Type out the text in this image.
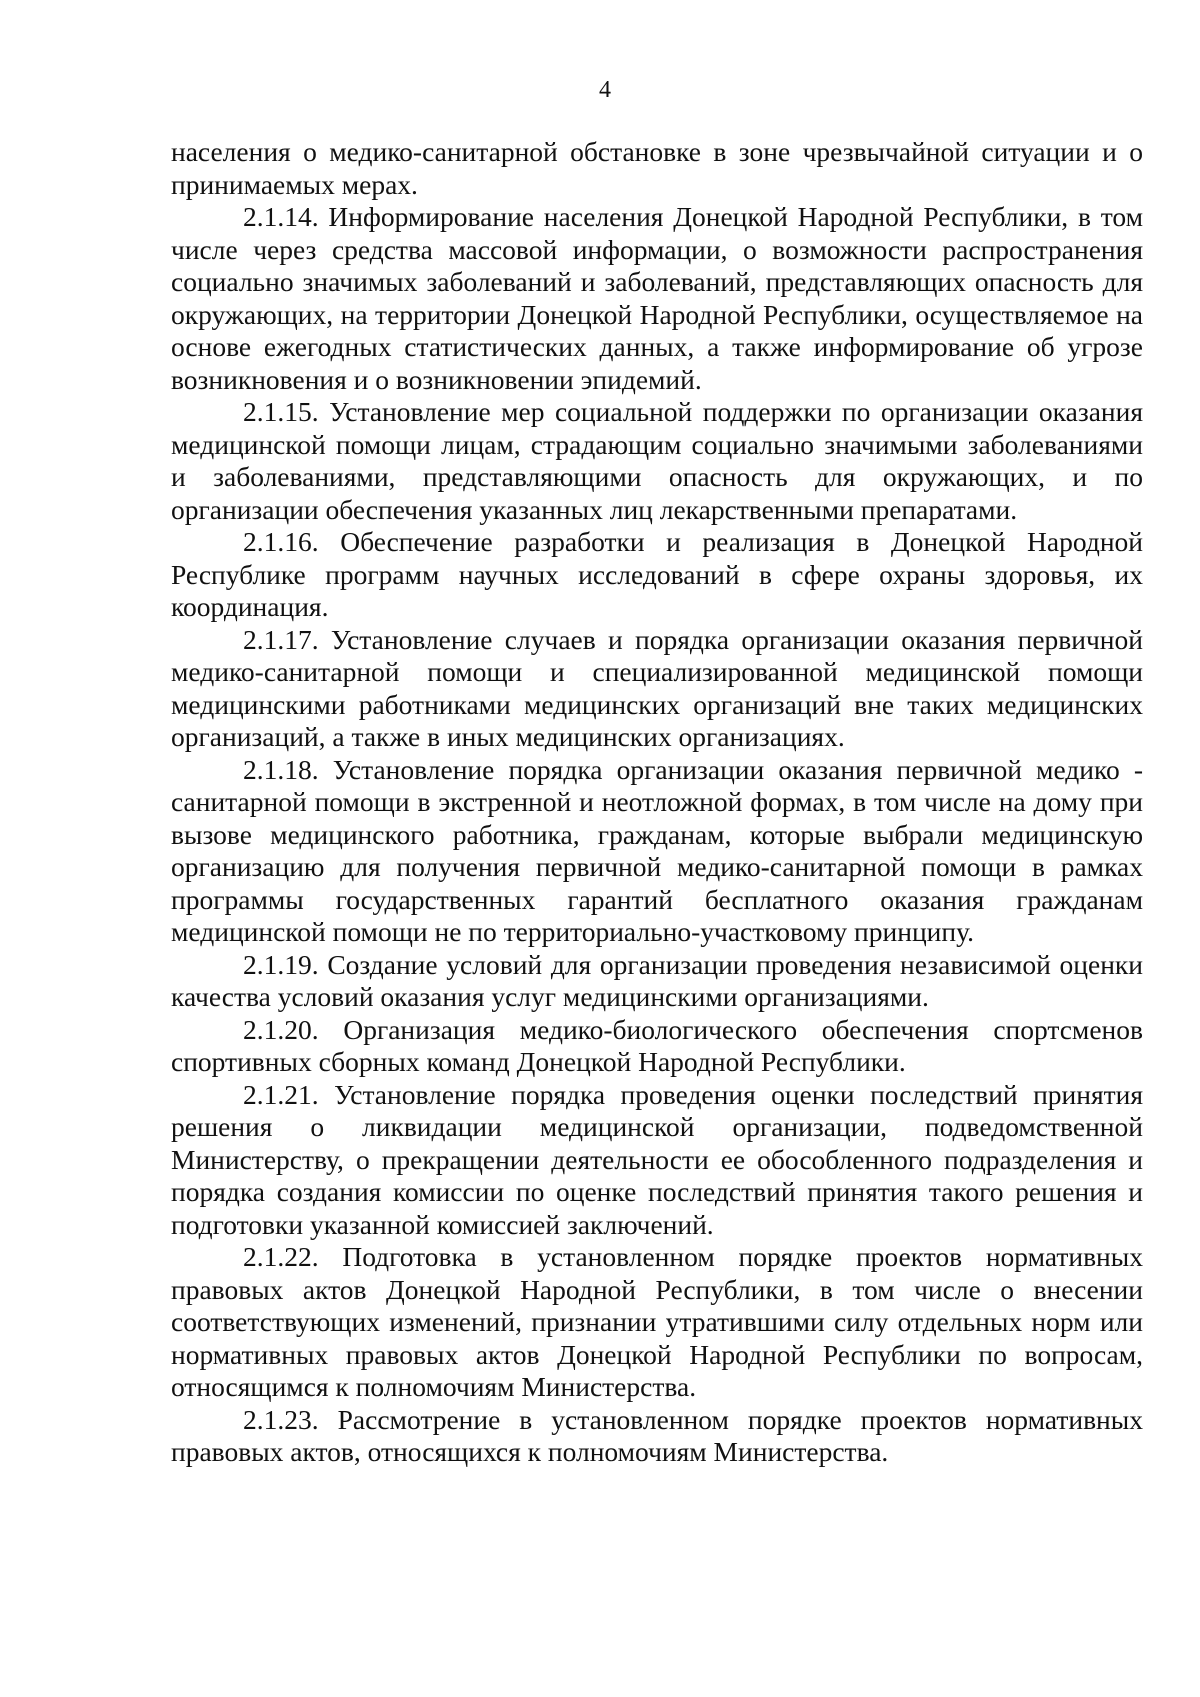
4

населения о медико-санитарной обстановке в зоне чрезвычайной ситуации и о принимаемых мерах.

2.1.14. Информирование населения Донецкой Народной Республики, в том числе через средства массовой информации, о возможности распространения социально значимых заболеваний и заболеваний, представляющих опасность для окружающих, на территории Донецкой Народной Республики, осуществляемое на основе ежегодных статистических данных, а также информирование об угрозе возникновения и о возникновении эпидемий.

2.1.15. Установление мер социальной поддержки по организации оказания медицинской помощи лицам, страдающим социально значимыми заболеваниями и заболеваниями, представляющими опасность для окружающих, и по организации обеспечения указанных лиц лекарственными препаратами.

2.1.16. Обеспечение разработки и реализация в Донецкой Народной Республике программ научных исследований в сфере охраны здоровья, их координация.

2.1.17. Установление случаев и порядка организации оказания первичной медико-санитарной помощи и специализированной медицинской помощи медицинскими работниками медицинских организаций вне таких медицинских организаций, а также в иных медицинских организациях.

2.1.18. Установление порядка организации оказания первичной медико - санитарной помощи в экстренной и неотложной формах, в том числе на дому при вызове медицинского работника, гражданам, которые выбрали медицинскую организацию для получения первичной медико-санитарной помощи в рамках программы государственных гарантий бесплатного оказания гражданам медицинской помощи не по территориально-участковому принципу.

2.1.19. Создание условий для организации проведения независимой оценки качества условий оказания услуг медицинскими организациями.

2.1.20. Организация медико-биологического обеспечения спортсменов спортивных сборных команд Донецкой Народной Республики.

2.1.21. Установление порядка проведения оценки последствий принятия решения о ликвидации медицинской организации, подведомственной Министерству, о прекращении деятельности ее обособленного подразделения и порядка создания комиссии по оценке последствий принятия такого решения и подготовки указанной комиссией заключений.

2.1.22. Подготовка в установленном порядке проектов нормативных правовых актов Донецкой Народной Республики, в том числе о внесении соответствующих изменений, признании утратившими силу отдельных норм или нормативных правовых актов Донецкой Народной Республики по вопросам, относящимся к полномочиям Министерства.

2.1.23. Рассмотрение в установленном порядке проектов нормативных правовых актов, относящихся к полномочиям Министерства.
